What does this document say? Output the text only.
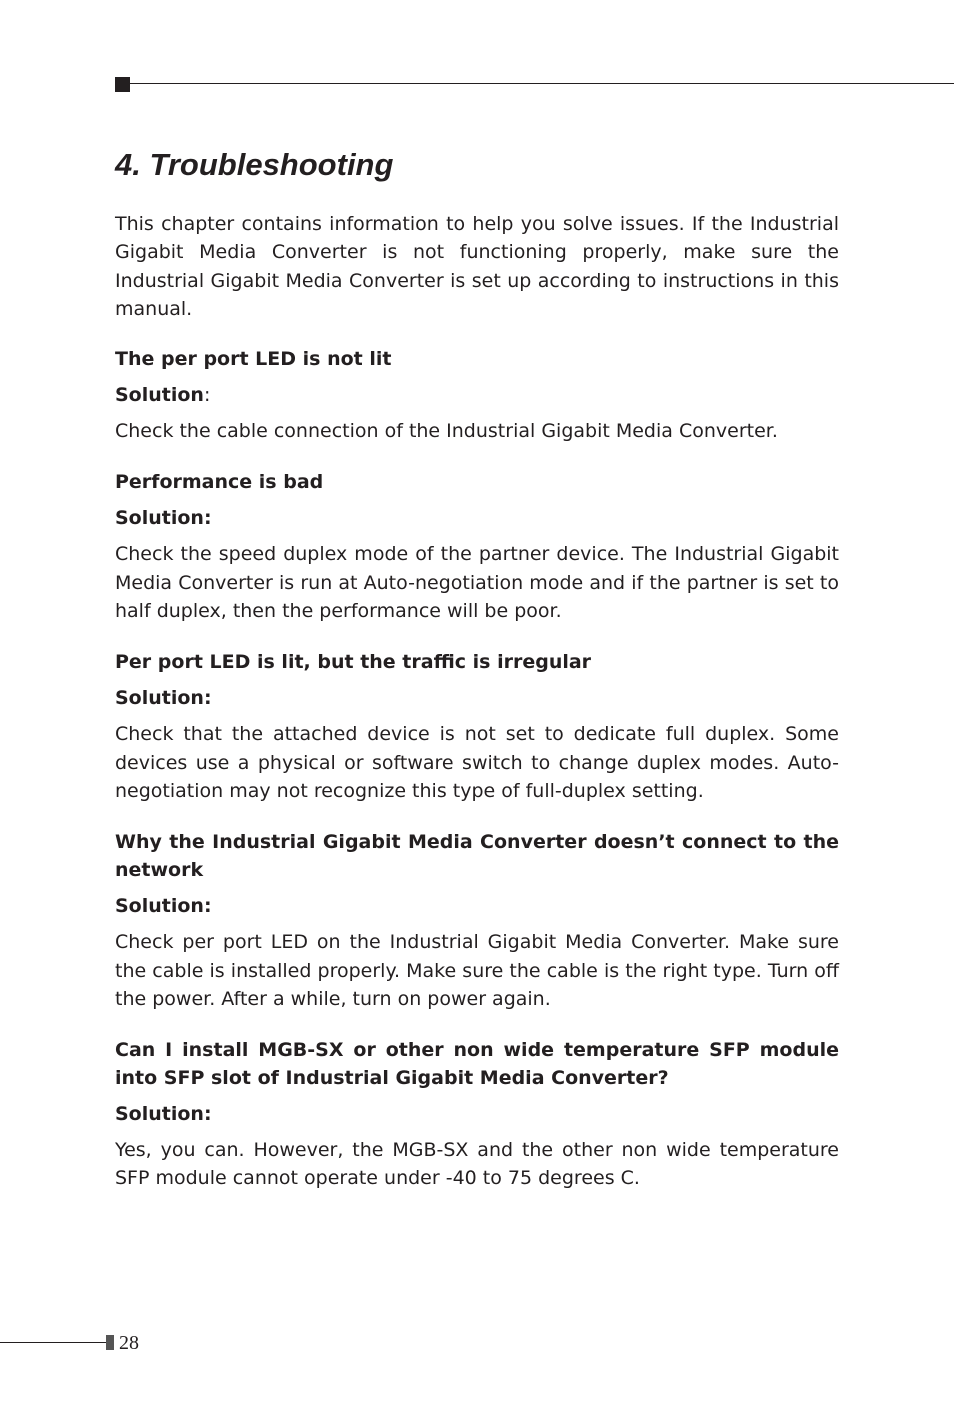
4. Troubleshooting

This chapter contains information to help you solve issues. If the Industrial Gigabit Media Converter is not functioning properly, make sure the Industrial Gigabit Media Converter is set up according to instructions in this manual.

The per port LED is not lit

Solution:

Check the cable connection of the Industrial Gigabit Media Converter.

Performance is bad

Solution:

Check the speed duplex mode of the partner device. The Industrial Gigabit Media Converter is run at Auto-negotiation mode and if the partner is set to half duplex, then the performance will be poor.

Per port LED is lit, but the traffic is irregular

Solution:

Check that the attached device is not set to dedicate full duplex. Some devices use a physical or software switch to change duplex modes. Auto-negotiation may not recognize this type of full-duplex setting.

Why the Industrial Gigabit Media Converter doesn’t connect to the network

Solution:

Check per port LED on the Industrial Gigabit Media Converter. Make sure the cable is installed properly. Make sure the cable is the right type. Turn off the power. After a while, turn on power again.

Can I install MGB-SX or other non wide temperature SFP module into SFP slot of Industrial Gigabit Media Converter?

Solution:

Yes, you can. However, the MGB-SX and the other non wide temperature SFP module cannot operate under -40 to 75 degrees C.

28
